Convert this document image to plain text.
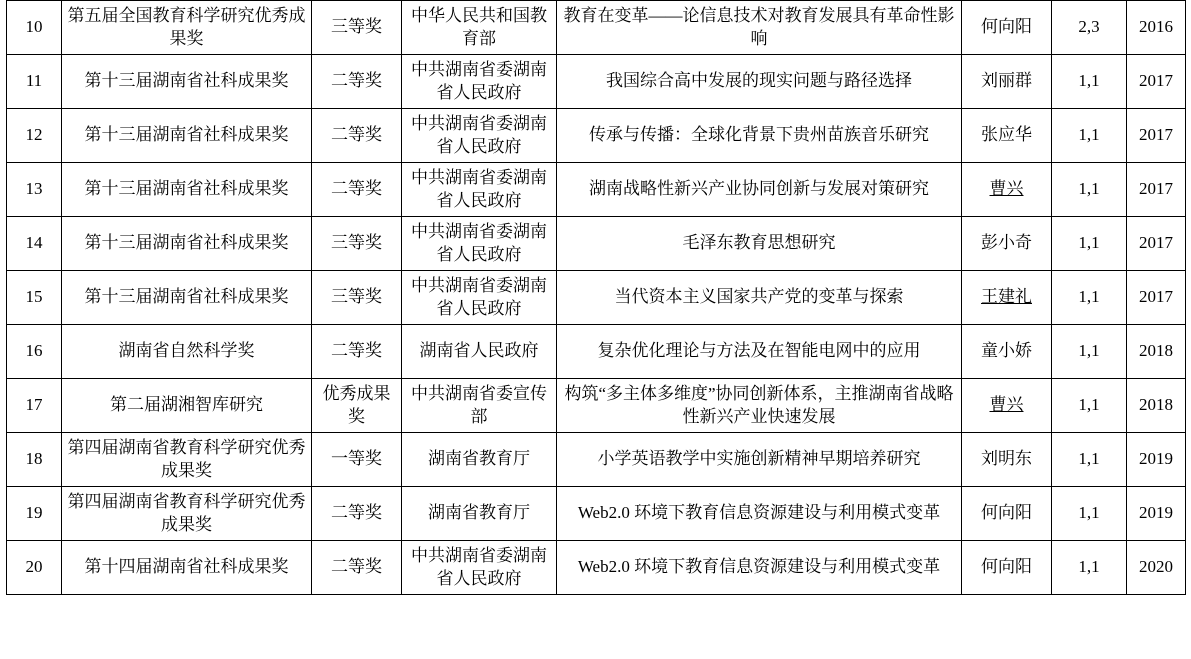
10	第五届全国教育科学研究优秀成果奖	三等奖	中华人民共和国教育部	教育在变革——论信息技术对教育发展具有革命性影响	何向阳	2,3	2016
11	第十三届湖南省社科成果奖	二等奖	中共湖南省委湖南省人民政府	我国综合高中发展的现实问题与路径选择	刘丽群	1,1	2017
12	第十三届湖南省社科成果奖	二等奖	中共湖南省委湖南省人民政府	传承与传播：全球化背景下贵州苗族音乐研究	张应华	1,1	2017
13	第十三届湖南省社科成果奖	二等奖	中共湖南省委湖南省人民政府	湖南战略性新兴产业协同创新与发展对策研究	曹兴	1,1	2017
14	第十三届湖南省社科成果奖	三等奖	中共湖南省委湖南省人民政府	毛泽东教育思想研究	彭小奇	1,1	2017
15	第十三届湖南省社科成果奖	三等奖	中共湖南省委湖南省人民政府	当代资本主义国家共产党的变革与探索	王建礼	1,1	2017
16	湖南省自然科学奖	二等奖	湖南省人民政府	复杂优化理论与方法及在智能电网中的应用	童小娇	1,1	2018
17	第二届湖湘智库研究	优秀成果奖	中共湖南省委宣传部	构筑“多主体多维度”协同创新体系，主推湖南省战略性新兴产业快速发展	曹兴	1,1	2018
18	第四届湖南省教育科学研究优秀成果奖	一等奖	湖南省教育厅	小学英语教学中实施创新精神早期培养研究	刘明东	1,1	2019
19	第四届湖南省教育科学研究优秀成果奖	二等奖	湖南省教育厅	Web2.0 环境下教育信息资源建设与利用模式变革	何向阳	1,1	2019
20	第十四届湖南省社科成果奖	二等奖	中共湖南省委湖南省人民政府	Web2.0 环境下教育信息资源建设与利用模式变革	何向阳	1,1	2020
